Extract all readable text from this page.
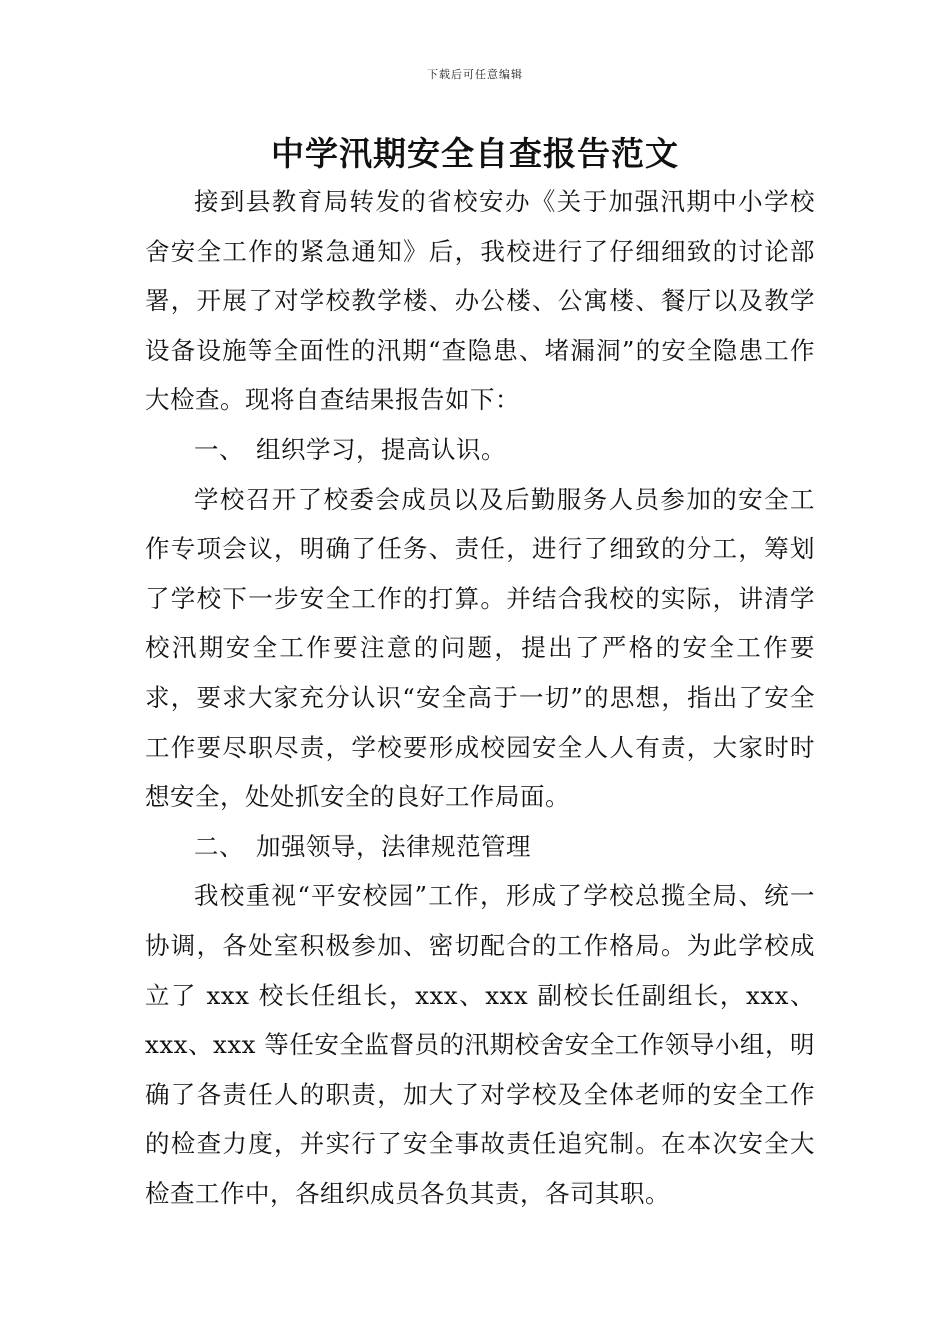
下载后可任意编辑
中学汛期安全自查报告范文

接到县教育局转发的省校安办《关于加强汛期中小学校舍安全工作的紧急通知》后，我校进行了仔细细致的讨论部署，开展了对学校教学楼、办公楼、公寓楼、餐厅以及教学设备设施等全面性的汛期“查隐患、堵漏洞”的安全隐患工作大检查。现将自查结果报告如下：

一、 组织学习，提高认识。

学校召开了校委会成员以及后勤服务人员参加的安全工作专项会议，明确了任务、责任，进行了细致的分工，筹划了学校下一步安全工作的打算。并结合我校的实际，讲清学校汛期安全工作要注意的问题，提出了严格的安全工作要求，要求大家充分认识“安全高于一切”的思想，指出了安全工作要尽职尽责，学校要形成校园安全人人有责，大家时时想安全，处处抓安全的良好工作局面。

二、 加强领导，法律规范管理

我校重视“平安校园”工作，形成了学校总揽全局、统一协调，各处室积极参加、密切配合的工作格局。为此学校成立了 xxx 校长任组长，xxx、xxx 副校长任副组长，xxx、xxx、xxx 等任安全监督员的汛期校舍安全工作领导小组，明确了各责任人的职责，加大了对学校及全体老师的安全工作的检查力度，并实行了安全事故责任追究制。在本次安全大检查工作中，各组织成员各负其责，各司其职。
